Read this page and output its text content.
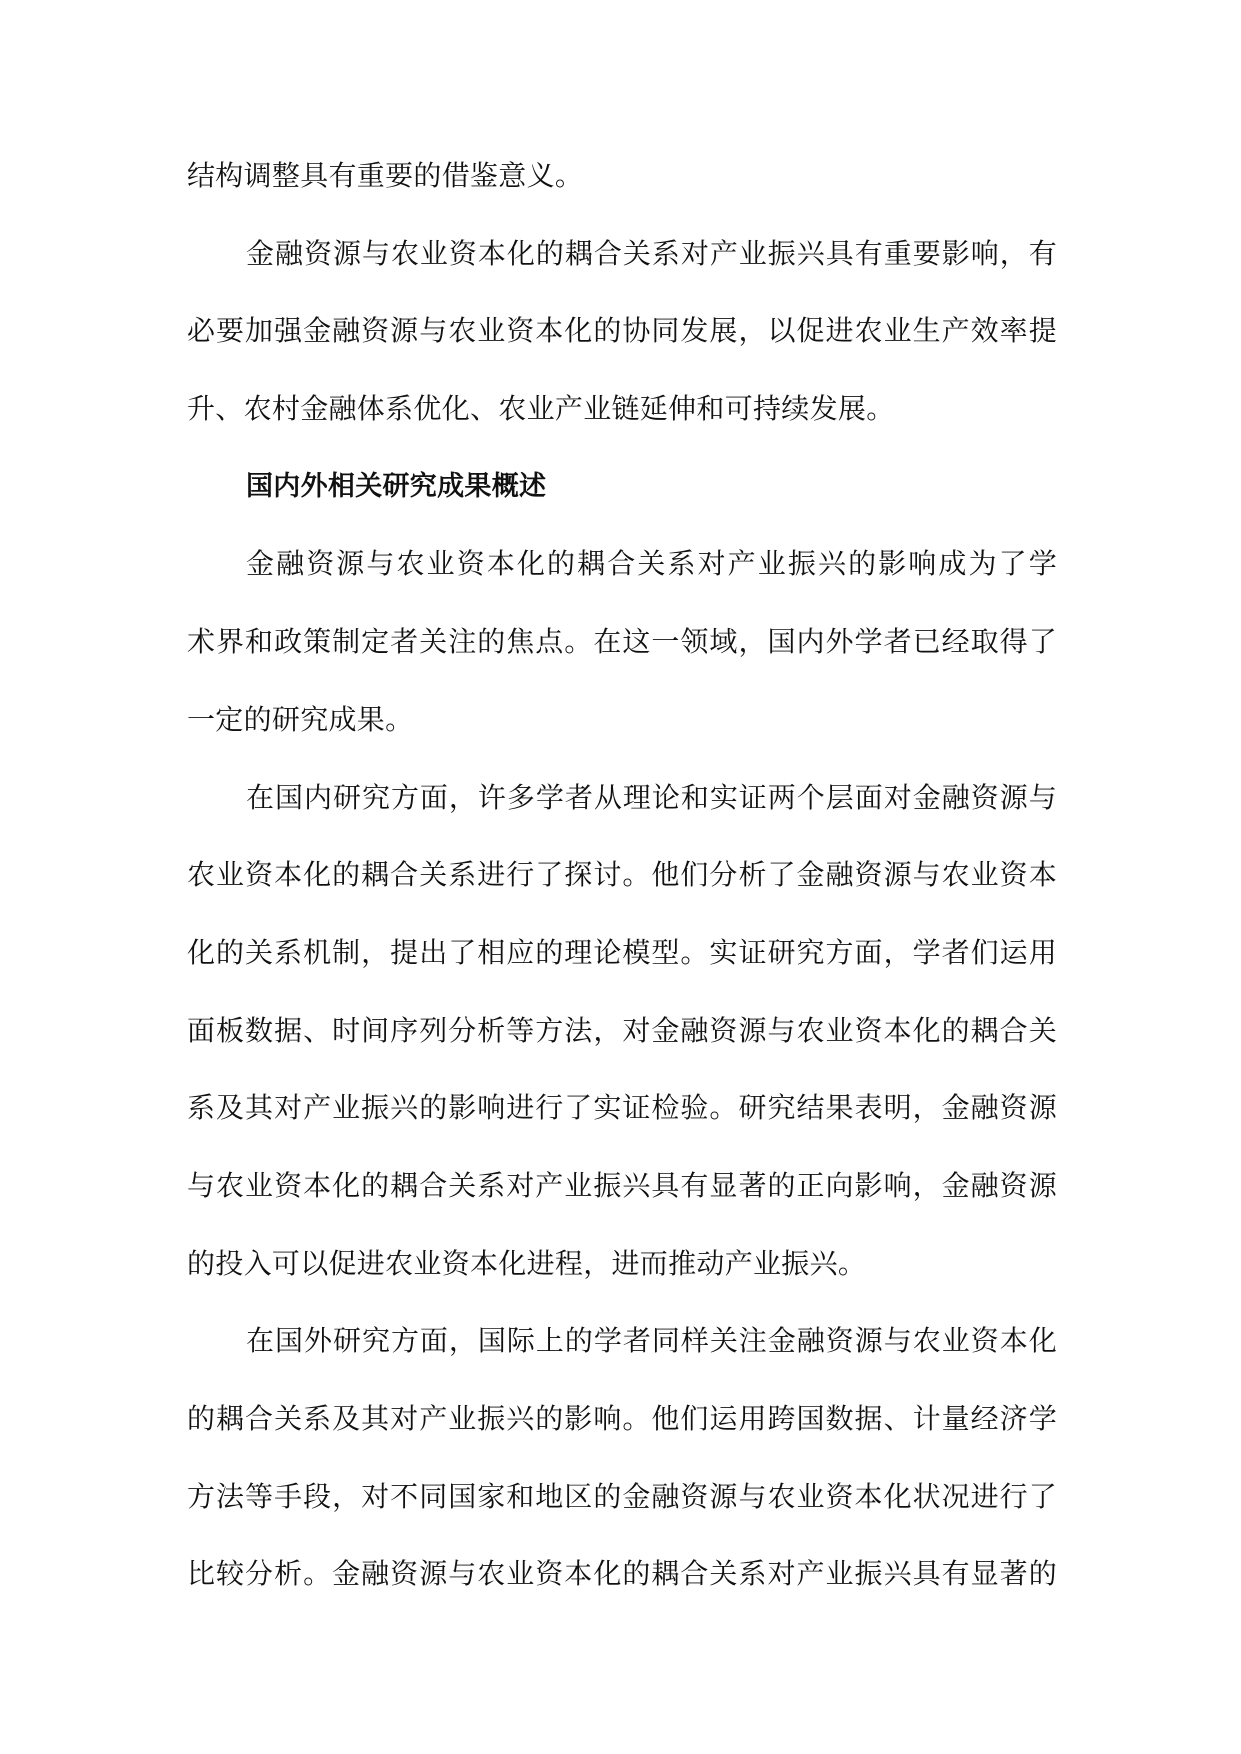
结构调整具有重要的借鉴意义。
金融资源与农业资本化的耦合关系对产业振兴具有重要影响，有
必要加强金融资源与农业资本化的协同发展，以促进农业生产效率提
升、农村金融体系优化、农业产业链延伸和可持续发展。
国内外相关研究成果概述
金融资源与农业资本化的耦合关系对产业振兴的影响成为了学
术界和政策制定者关注的焦点。在这一领域，国内外学者已经取得了
一定的研究成果。
在国内研究方面，许多学者从理论和实证两个层面对金融资源与
农业资本化的耦合关系进行了探讨。他们分析了金融资源与农业资本
化的关系机制，提出了相应的理论模型。实证研究方面，学者们运用
面板数据、时间序列分析等方法，对金融资源与农业资本化的耦合关
系及其对产业振兴的影响进行了实证检验。研究结果表明，金融资源
与农业资本化的耦合关系对产业振兴具有显著的正向影响，金融资源
的投入可以促进农业资本化进程，进而推动产业振兴。
在国外研究方面，国际上的学者同样关注金融资源与农业资本化
的耦合关系及其对产业振兴的影响。他们运用跨国数据、计量经济学
方法等手段，对不同国家和地区的金融资源与农业资本化状况进行了
比较分析。金融资源与农业资本化的耦合关系对产业振兴具有显著的
